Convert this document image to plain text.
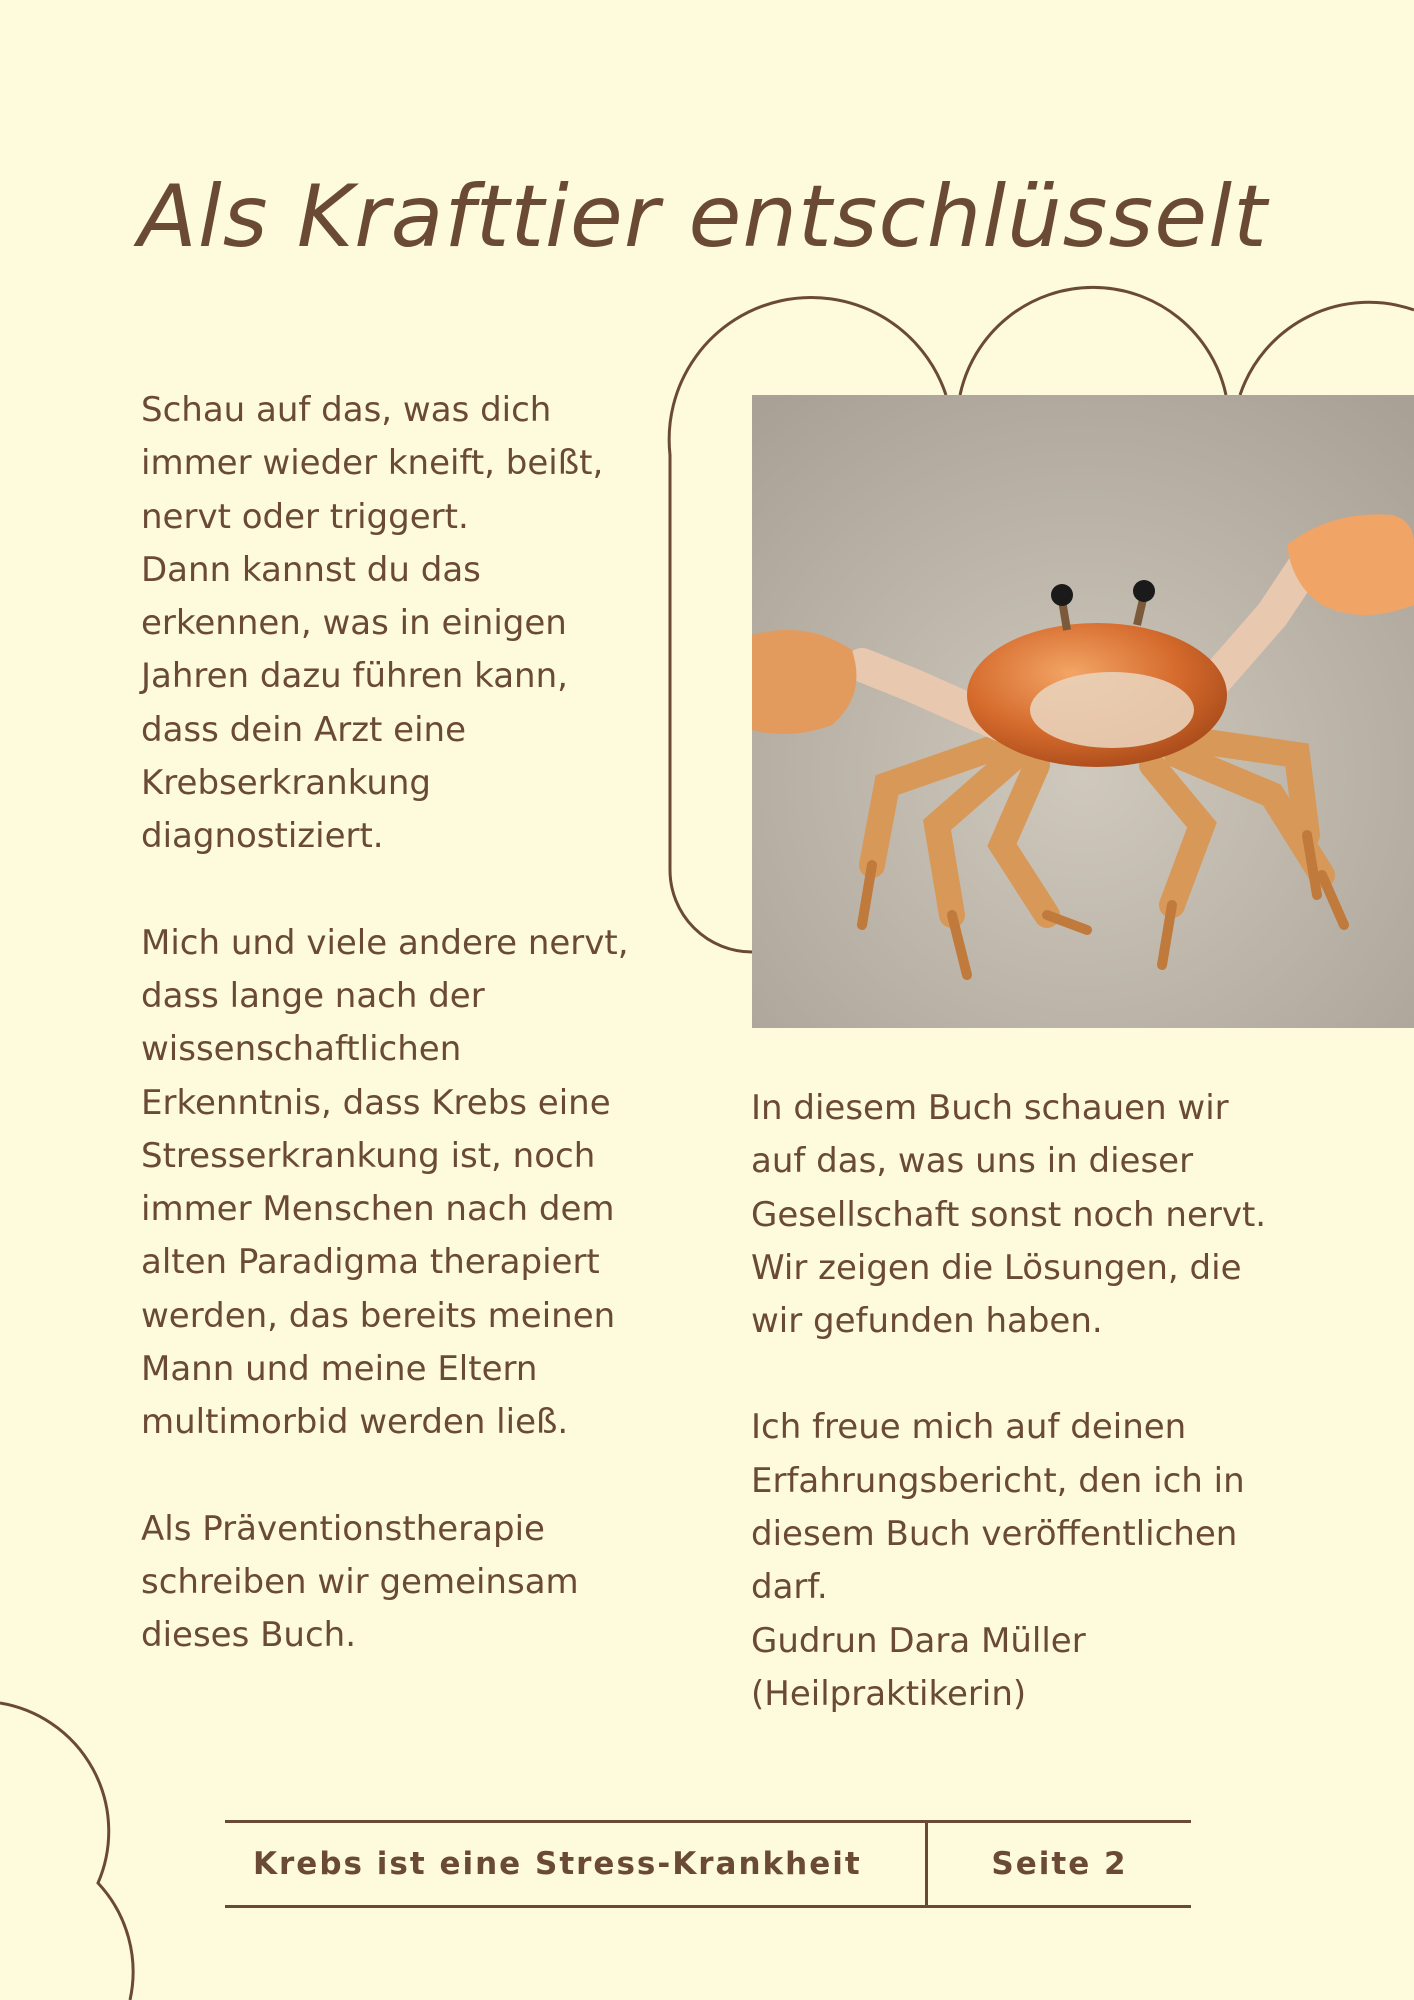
Als Krafttier entschlüsselt

Schau auf das, was dich
immer wieder kneift, beißt,
nervt oder triggert.
Dann kannst du das
erkennen, was in einigen
Jahren dazu führen kann,
dass dein Arzt eine
Krebserkrankung
diagnostiziert.

Mich und viele andere nervt,
dass lange nach der
wissenschaftlichen
Erkenntnis, dass Krebs eine
Stresserkrankung ist, noch
immer Menschen nach dem
alten Paradigma therapiert
werden, das bereits meinen
Mann und meine Eltern
multimorbid werden ließ.

Als Präventionstherapie
schreiben wir gemeinsam
dieses Buch.

In diesem Buch schauen wir
auf das, was uns in dieser
Gesellschaft sonst noch nervt.
Wir zeigen die Lösungen, die
wir gefunden haben.

Ich freue mich auf deinen
Erfahrungsbericht, den ich in
diesem Buch veröffentlichen
darf.
Gudrun Dara Müller
(Heilpraktikerin)

Krebs ist eine Stress-Krankheit	Seite 2
